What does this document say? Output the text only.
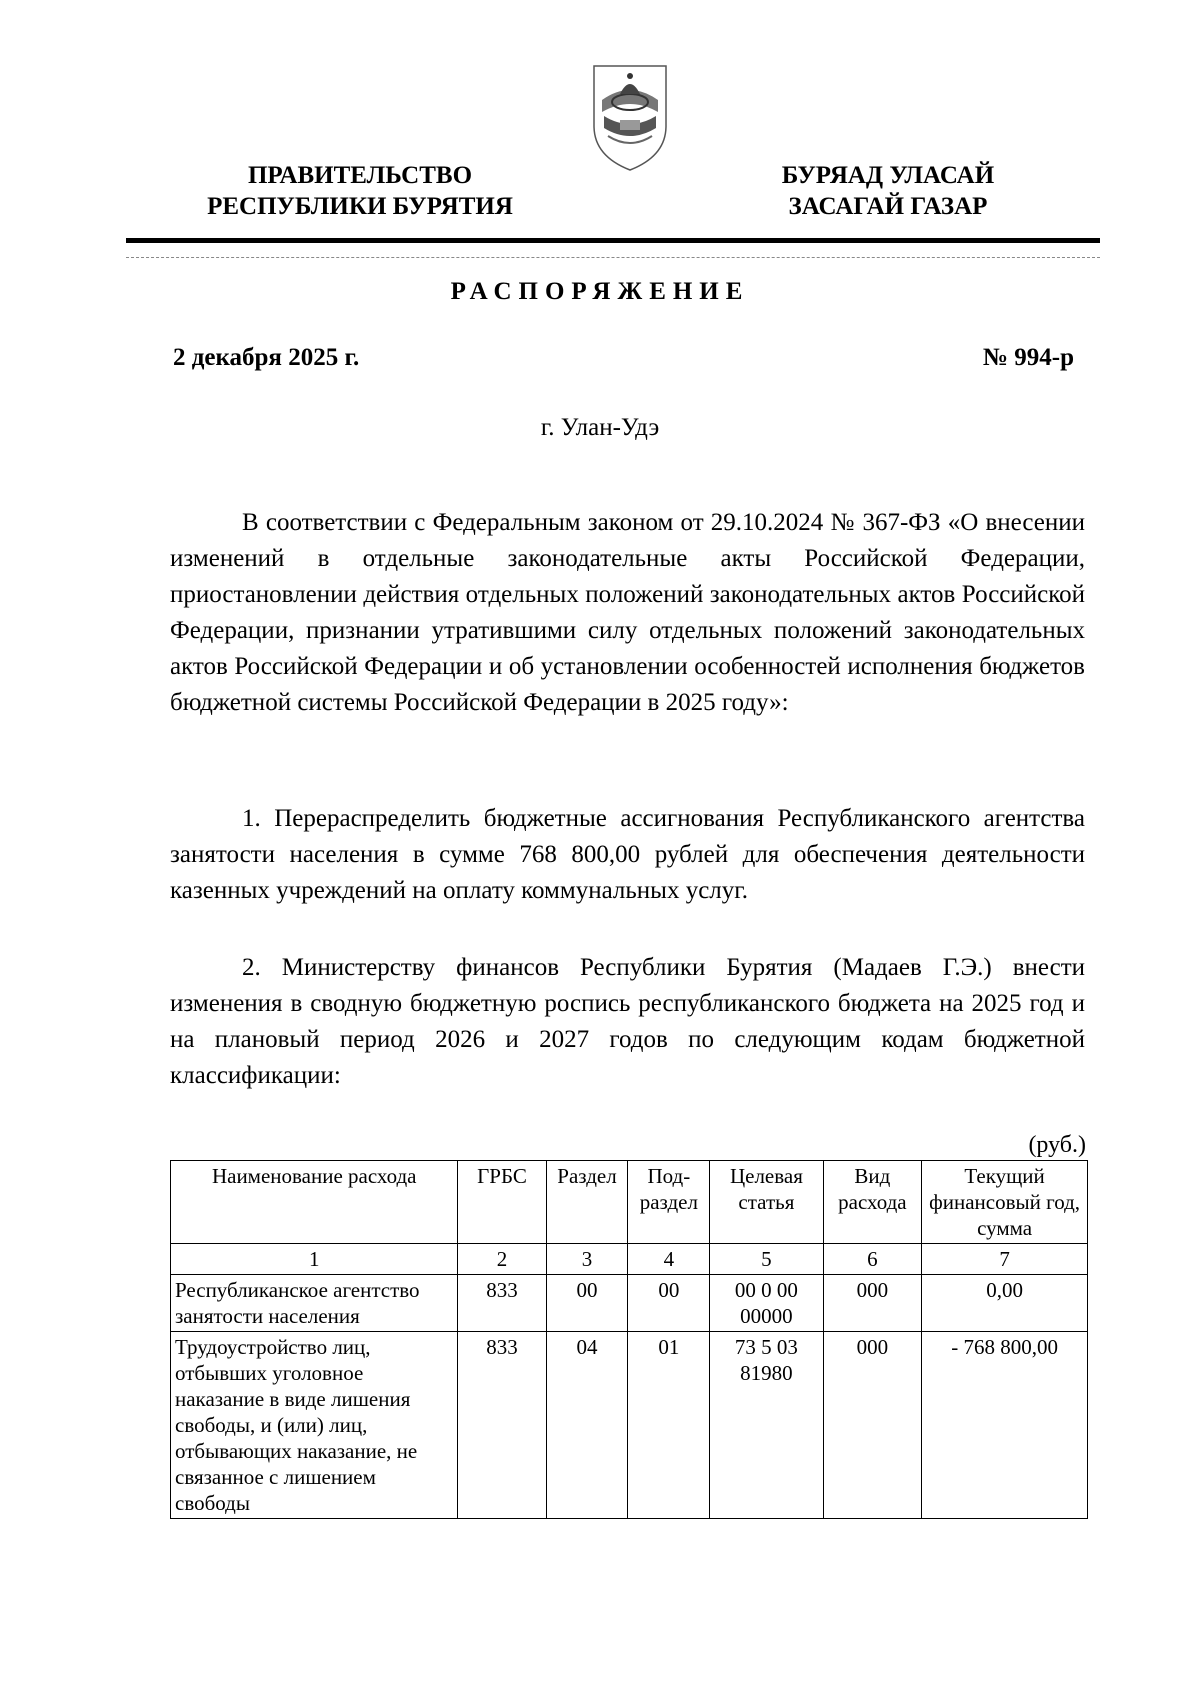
ПРАВИТЕЛЬСТВО
РЕСПУБЛИКИ БУРЯТИЯ
БУРЯАД УЛАСАЙ
ЗАСАГАЙ ГАЗАР
РАСПОРЯЖЕНИЕ
2 декабря 2025 г.	№ 994-р
г. Улан-Удэ

В соответствии с Федеральным законом от 29.10.2024 № 367-ФЗ «О внесении изменений в отдельные законодательные акты Российской Федерации, приостановлении действия отдельных положений законодательных актов Российской Федерации, признании утратившими силу отдельных положений законодательных актов Российской Федерации и об установлении особенностей исполнения бюджетов бюджетной системы Российской Федерации в 2025 году»:

1. Перераспределить бюджетные ассигнования Республиканского агентства занятости населения в сумме 768 800,00 рублей для обеспечения деятельности казенных учреждений на оплату коммунальных услуг.

2. Министерству финансов Республики Бурятия (Мадаев Г.Э.) внести изменения в сводную бюджетную роспись республиканского бюджета на 2025 год и на плановый период 2026 и 2027 годов по следующим кодам бюджетной классификации:

(руб.)
Наименование расхода	ГРБС	Раздел	Под-раздел	Целевая статья	Вид расхода	Текущий финансовый год, сумма
1	2	3	4	5	6	7
Республиканское агентство занятости населения	833	00	00	00 0 00 00000	000	0,00
Трудоустройство лиц, отбывших уголовное наказание в виде лишения свободы, и (или) лиц, отбывающих наказание, не связанное с лишением свободы	833	04	01	73 5 03 81980	000	- 768 800,00
